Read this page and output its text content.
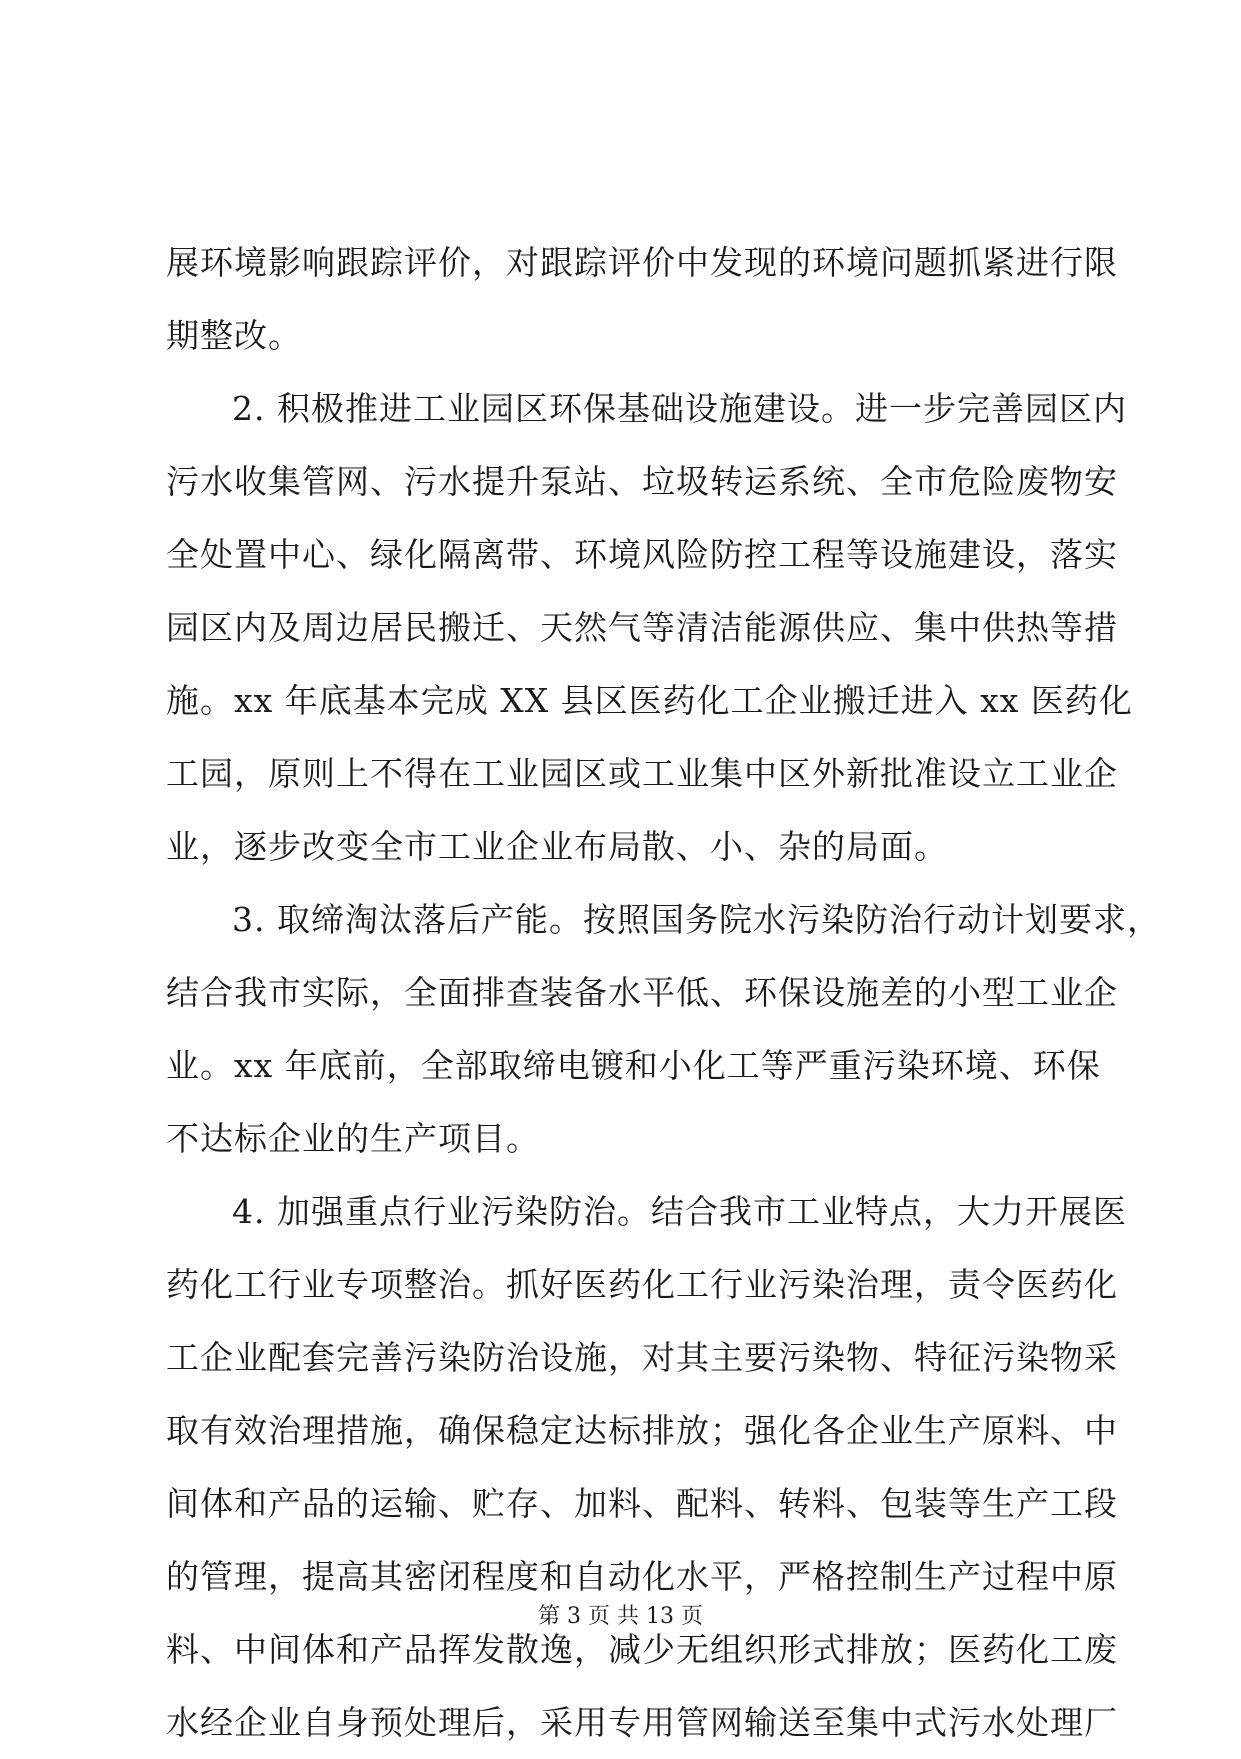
展环境影响跟踪评价，对跟踪评价中发现的环境问题抓紧进行限
期整改。
2. 积极推进工业园区环保基础设施建设。进一步完善园区内
污水收集管网、污水提升泵站、垃圾转运系统、全市危险废物安
全处置中心、绿化隔离带、环境风险防控工程等设施建设，落实
园区内及周边居民搬迁、天然气等清洁能源供应、集中供热等措
施。xx 年底基本完成 XX 县区医药化工企业搬迁进入 xx 医药化
工园，原则上不得在工业园区或工业集中区外新批准设立工业企
业，逐步改变全市工业企业布局散、小、杂的局面。
3. 取缔淘汰落后产能。按照国务院水污染防治行动计划要求，
结合我市实际，全面排查装备水平低、环保设施差的小型工业企
业。xx 年底前，全部取缔电镀和小化工等严重污染环境、环保
不达标企业的生产项目。
4. 加强重点行业污染防治。结合我市工业特点，大力开展医
药化工行业专项整治。抓好医药化工行业污染治理，责令医药化
工企业配套完善污染防治设施，对其主要污染物、特征污染物采
取有效治理措施，确保稳定达标排放；强化各企业生产原料、中
间体和产品的运输、贮存、加料、配料、转料、包装等生产工段
的管理，提高其密闭程度和自动化水平，严格控制生产过程中原
料、中间体和产品挥发散逸，减少无组织形式排放；医药化工废
水经企业自身预处理后，采用专用管网输送至集中式污水处理厂
第 3 页 共 13 页
